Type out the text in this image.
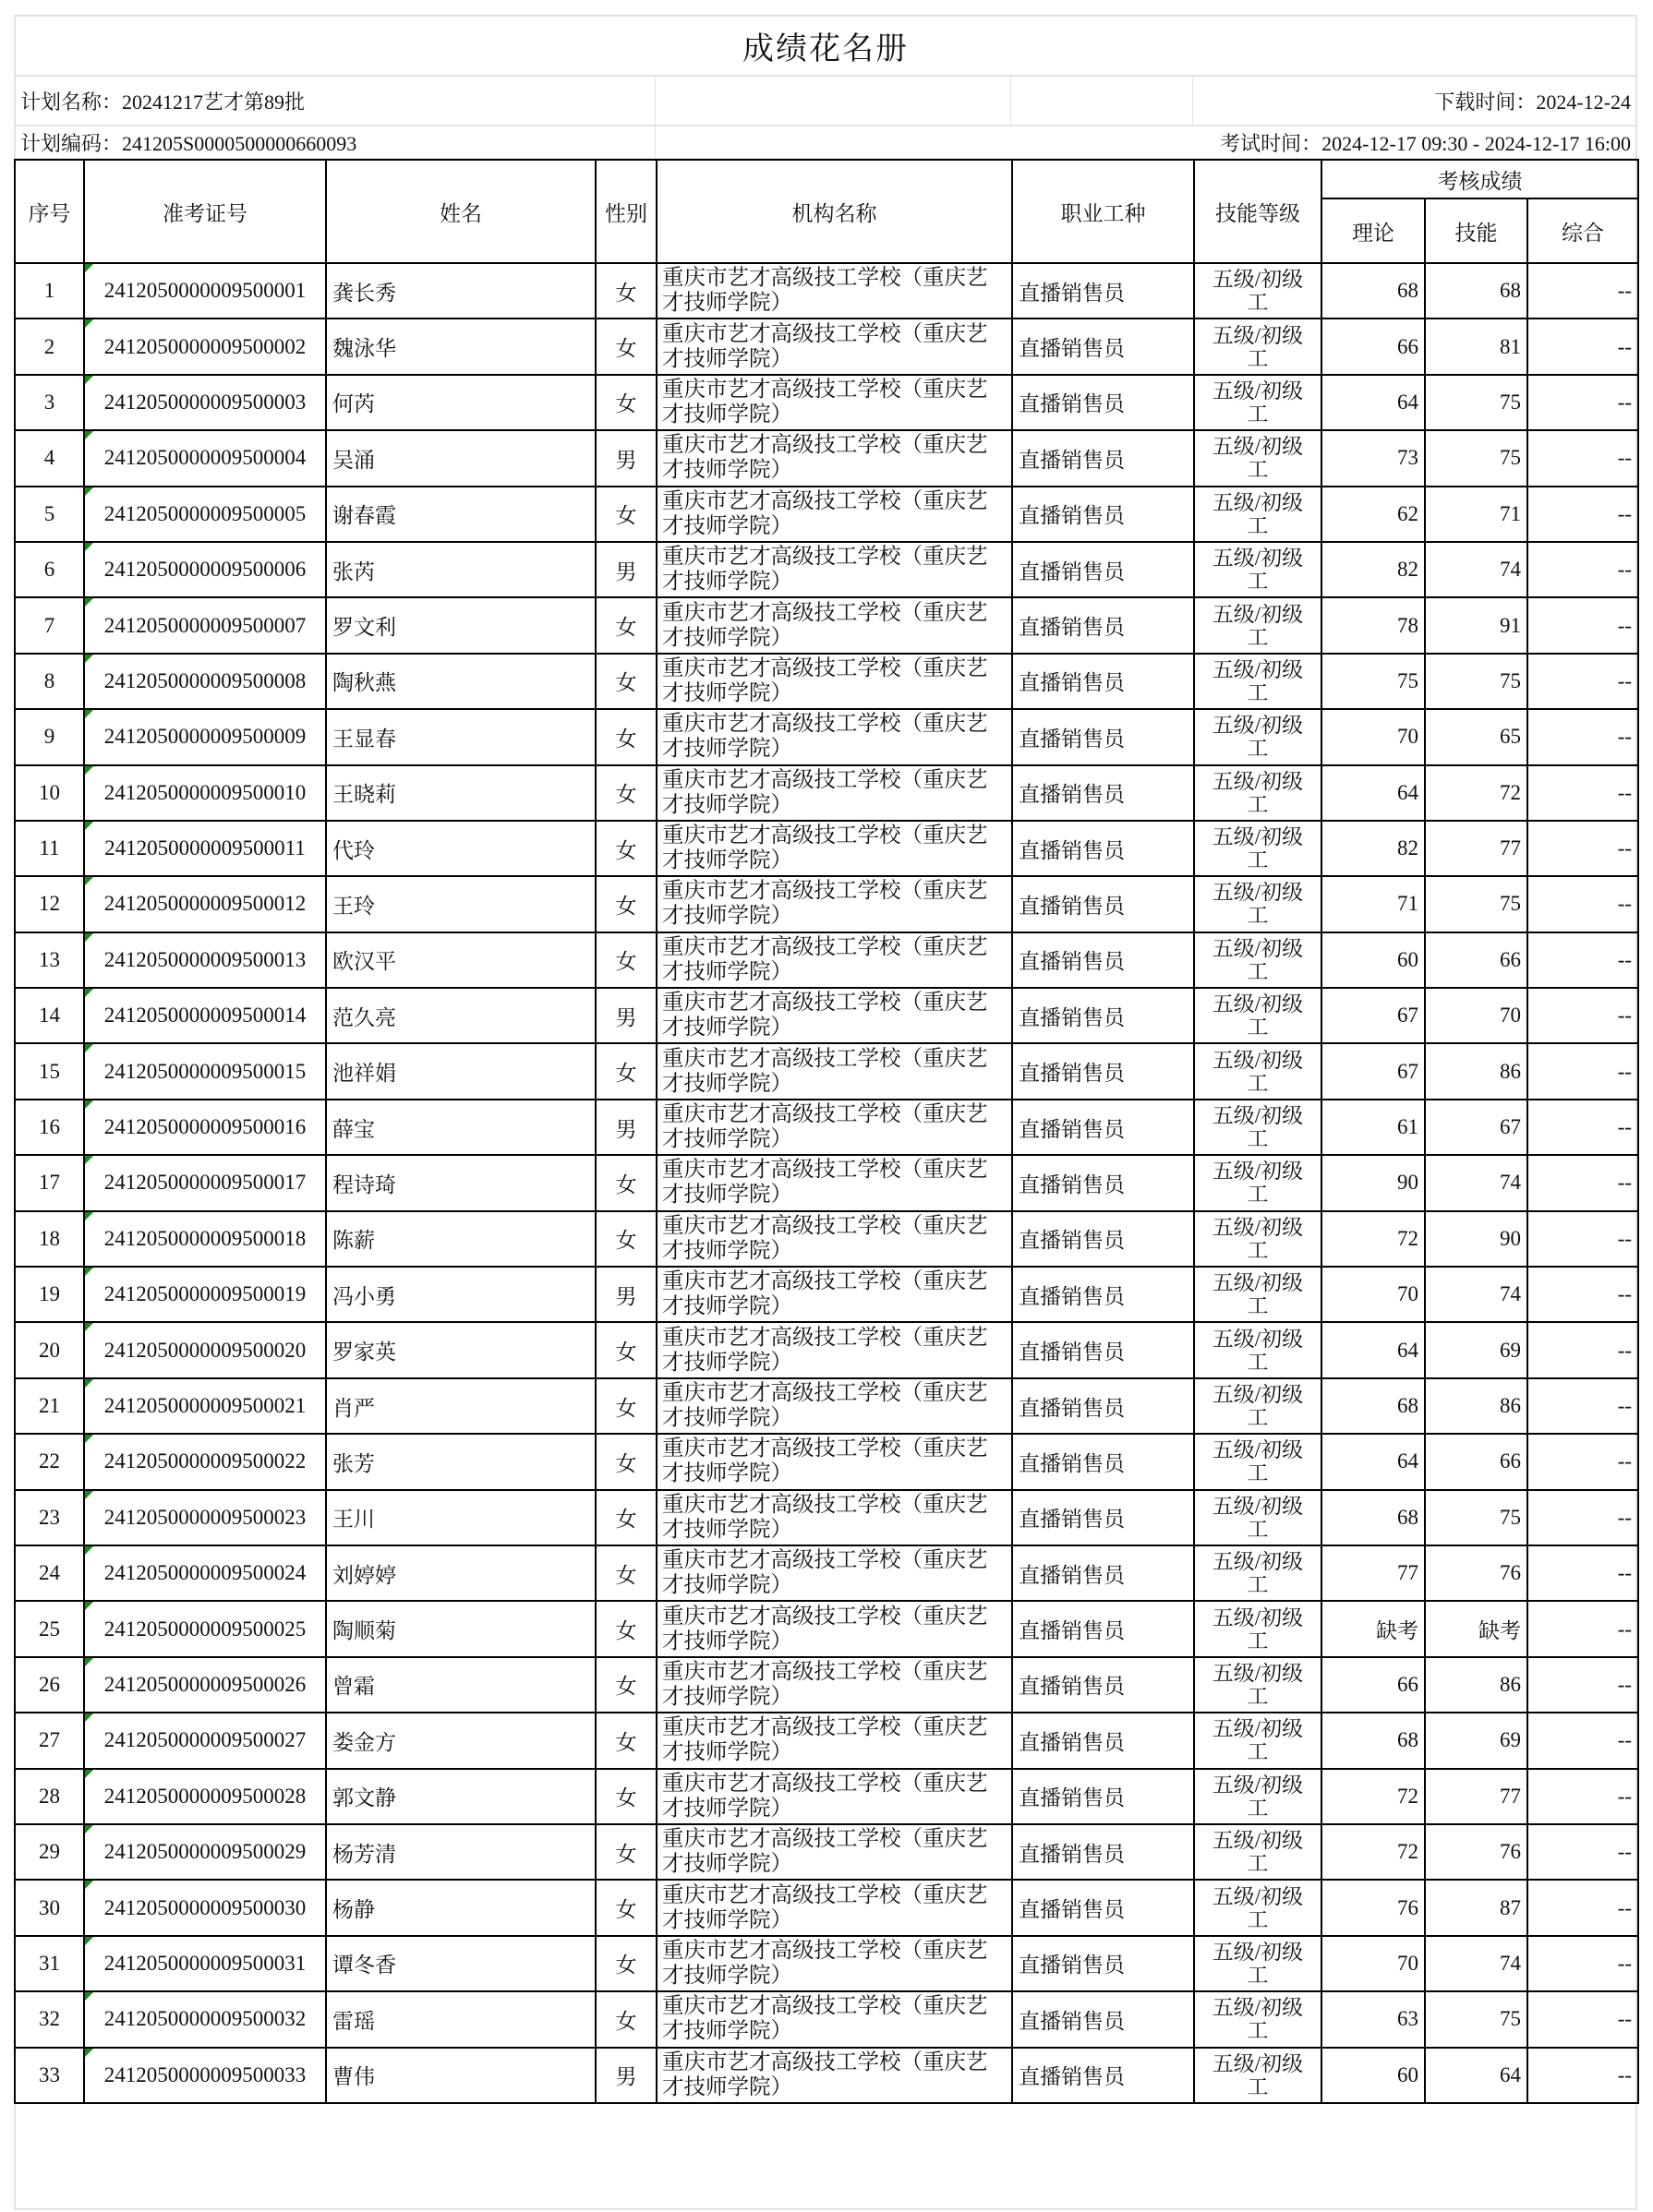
成绩花名册
计划名称：20241217艺才第89批	下载时间：2024-12-24
计划编码：241205S0000500000660093	考试时间：2024-12-17 09:30 - 2024-12-17 16:00
序号	准考证号	姓名	性别	机构名称	职业工种	技能等级	考核成绩		
							理论	技能	综合
1	2412050000009500001	龚长秀	女	重庆市艺才高级技工学校（重庆艺才技师学院）	直播销售员	五级/初级工	68	68	--
2	2412050000009500002	魏泳华	女	重庆市艺才高级技工学校（重庆艺才技师学院）	直播销售员	五级/初级工	66	81	--
3	2412050000009500003	何芮	女	重庆市艺才高级技工学校（重庆艺才技师学院）	直播销售员	五级/初级工	64	75	--
4	2412050000009500004	吴涌	男	重庆市艺才高级技工学校（重庆艺才技师学院）	直播销售员	五级/初级工	73	75	--
5	2412050000009500005	谢春霞	女	重庆市艺才高级技工学校（重庆艺才技师学院）	直播销售员	五级/初级工	62	71	--
6	2412050000009500006	张芮	男	重庆市艺才高级技工学校（重庆艺才技师学院）	直播销售员	五级/初级工	82	74	--
7	2412050000009500007	罗文利	女	重庆市艺才高级技工学校（重庆艺才技师学院）	直播销售员	五级/初级工	78	91	--
8	2412050000009500008	陶秋燕	女	重庆市艺才高级技工学校（重庆艺才技师学院）	直播销售员	五级/初级工	75	75	--
9	2412050000009500009	王显春	女	重庆市艺才高级技工学校（重庆艺才技师学院）	直播销售员	五级/初级工	70	65	--
10	2412050000009500010	王晓莉	女	重庆市艺才高级技工学校（重庆艺才技师学院）	直播销售员	五级/初级工	64	72	--
11	2412050000009500011	代玲	女	重庆市艺才高级技工学校（重庆艺才技师学院）	直播销售员	五级/初级工	82	77	--
12	2412050000009500012	王玲	女	重庆市艺才高级技工学校（重庆艺才技师学院）	直播销售员	五级/初级工	71	75	--
13	2412050000009500013	欧汉平	女	重庆市艺才高级技工学校（重庆艺才技师学院）	直播销售员	五级/初级工	60	66	--
14	2412050000009500014	范久亮	男	重庆市艺才高级技工学校（重庆艺才技师学院）	直播销售员	五级/初级工	67	70	--
15	2412050000009500015	池祥娟	女	重庆市艺才高级技工学校（重庆艺才技师学院）	直播销售员	五级/初级工	67	86	--
16	2412050000009500016	薛宝	男	重庆市艺才高级技工学校（重庆艺才技师学院）	直播销售员	五级/初级工	61	67	--
17	2412050000009500017	程诗琦	女	重庆市艺才高级技工学校（重庆艺才技师学院）	直播销售员	五级/初级工	90	74	--
18	2412050000009500018	陈薪	女	重庆市艺才高级技工学校（重庆艺才技师学院）	直播销售员	五级/初级工	72	90	--
19	2412050000009500019	冯小勇	男	重庆市艺才高级技工学校（重庆艺才技师学院）	直播销售员	五级/初级工	70	74	--
20	2412050000009500020	罗家英	女	重庆市艺才高级技工学校（重庆艺才技师学院）	直播销售员	五级/初级工	64	69	--
21	2412050000009500021	肖严	女	重庆市艺才高级技工学校（重庆艺才技师学院）	直播销售员	五级/初级工	68	86	--
22	2412050000009500022	张芳	女	重庆市艺才高级技工学校（重庆艺才技师学院）	直播销售员	五级/初级工	64	66	--
23	2412050000009500023	王川	女	重庆市艺才高级技工学校（重庆艺才技师学院）	直播销售员	五级/初级工	68	75	--
24	2412050000009500024	刘婷婷	女	重庆市艺才高级技工学校（重庆艺才技师学院）	直播销售员	五级/初级工	77	76	--
25	2412050000009500025	陶顺菊	女	重庆市艺才高级技工学校（重庆艺才技师学院）	直播销售员	五级/初级工	缺考	缺考	--
26	2412050000009500026	曾霜	女	重庆市艺才高级技工学校（重庆艺才技师学院）	直播销售员	五级/初级工	66	86	--
27	2412050000009500027	娄金方	女	重庆市艺才高级技工学校（重庆艺才技师学院）	直播销售员	五级/初级工	68	69	--
28	2412050000009500028	郭文静	女	重庆市艺才高级技工学校（重庆艺才技师学院）	直播销售员	五级/初级工	72	77	--
29	2412050000009500029	杨芳清	女	重庆市艺才高级技工学校（重庆艺才技师学院）	直播销售员	五级/初级工	72	76	--
30	2412050000009500030	杨静	女	重庆市艺才高级技工学校（重庆艺才技师学院）	直播销售员	五级/初级工	76	87	--
31	2412050000009500031	谭冬香	女	重庆市艺才高级技工学校（重庆艺才技师学院）	直播销售员	五级/初级工	70	74	--
32	2412050000009500032	雷瑶	女	重庆市艺才高级技工学校（重庆艺才技师学院）	直播销售员	五级/初级工	63	75	--
33	2412050000009500033	曹伟	男	重庆市艺才高级技工学校（重庆艺才技师学院）	直播销售员	五级/初级工	60	64	--
